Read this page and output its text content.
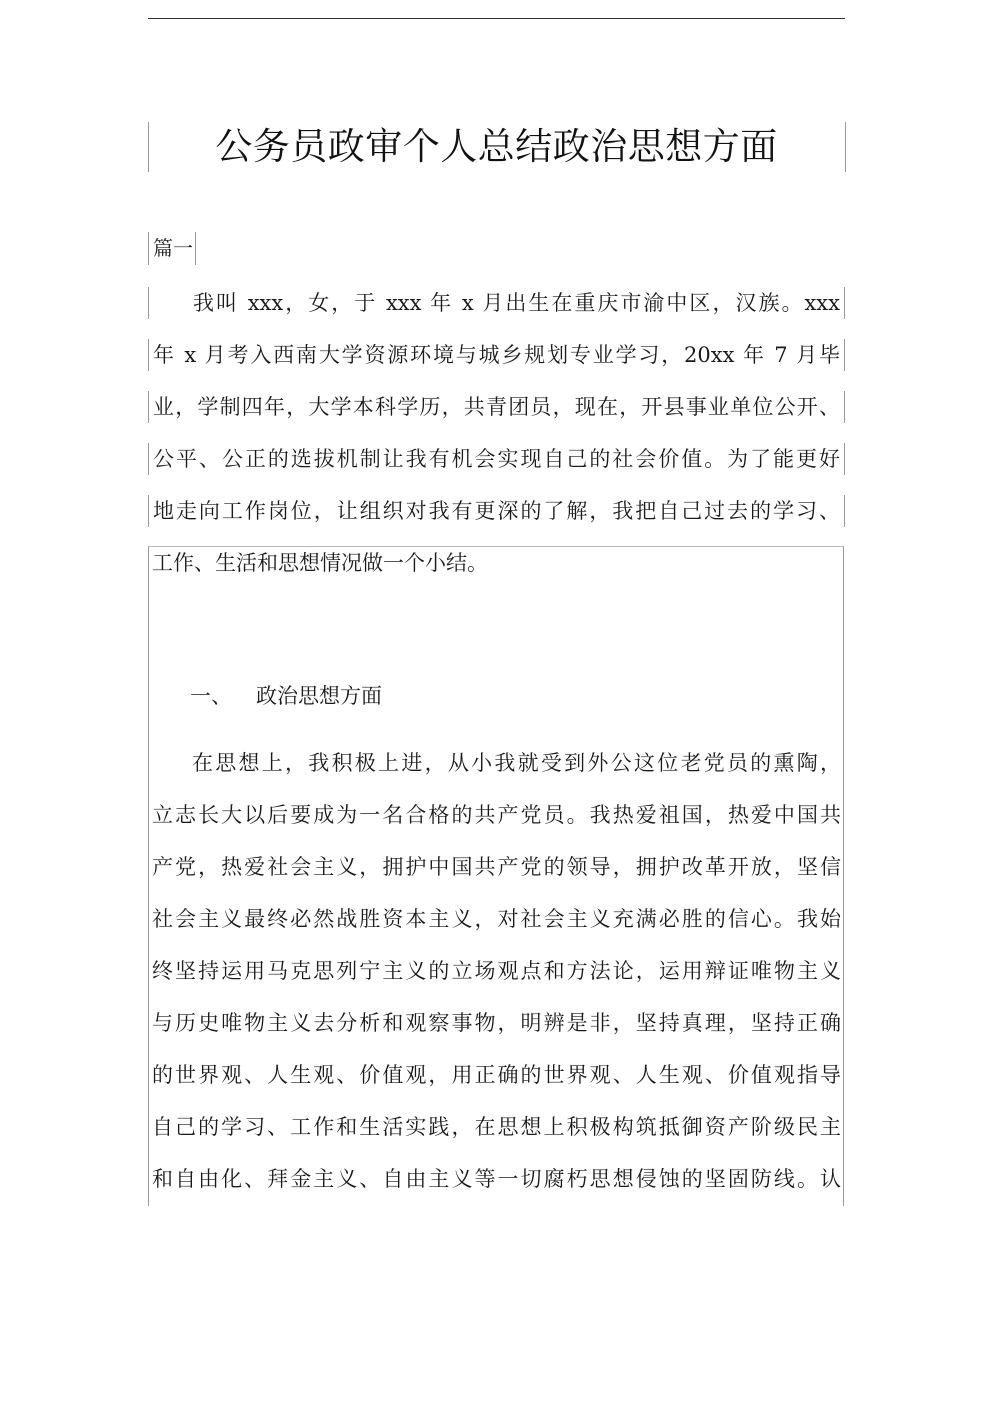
公务员政审个人总结政治思想方面
篇一
我叫 xxx，女，于 xxx 年 x 月出生在重庆市渝中区，汉族。xxx
年 x 月考入西南大学资源环境与城乡规划专业学习，20xx 年 7 月毕
业，学制四年，大学本科学历，共青团员，现在，开县事业单位公开、
公平、公正的选拔机制让我有机会实现自己的社会价值。为了能更好
地走向工作岗位，让组织对我有更深的了解，我把自己过去的学习、
工作、生活和思想情况做一个小结。
一、 政治思想方面
在思想上，我积极上进，从小我就受到外公这位老党员的熏陶，
立志长大以后要成为一名合格的共产党员。我热爱祖国，热爱中国共
产党，热爱社会主义，拥护中国共产党的领导，拥护改革开放，坚信
社会主义最终必然战胜资本主义，对社会主义充满必胜的信心。我始
终坚持运用马克思列宁主义的立场观点和方法论，运用辩证唯物主义
与历史唯物主义去分析和观察事物，明辨是非，坚持真理，坚持正确
的世界观、人生观、价值观，用正确的世界观、人生观、价值观指导
自己的学习、工作和生活实践，在思想上积极构筑抵御资产阶级民主
和自由化、拜金主义、自由主义等一切腐朽思想侵蚀的坚固防线。认
